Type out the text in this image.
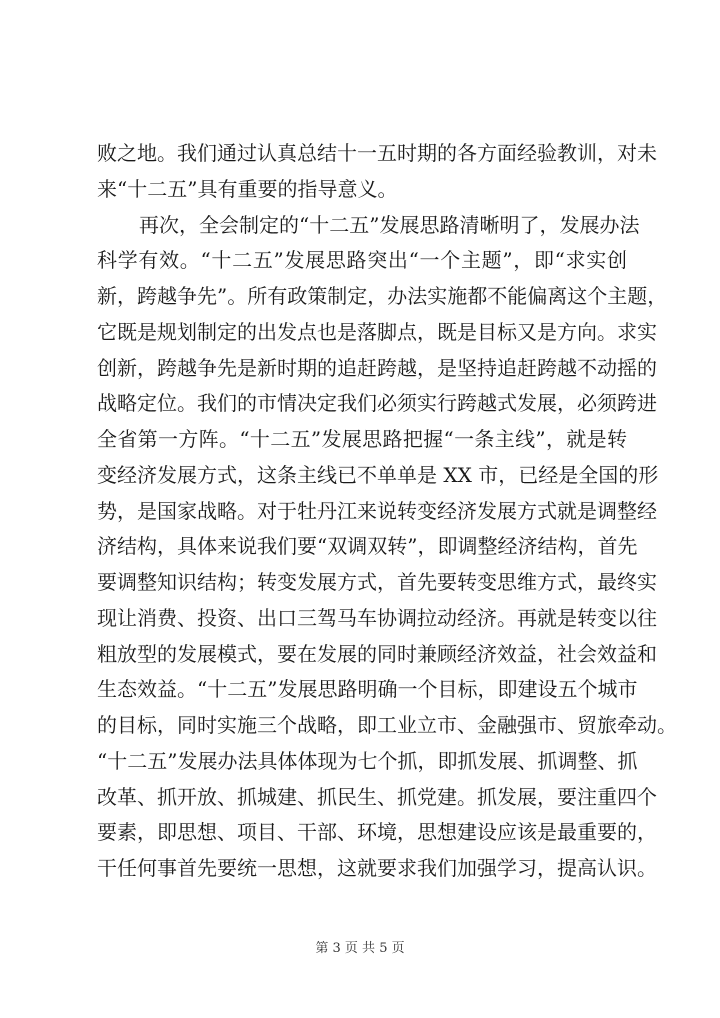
败之地。我们通过认真总结十一五时期的各方面经验教训，对未
来“十二五”具有重要的指导意义。
再次，全会制定的“十二五”发展思路清晰明了，发展办法
科学有效。“十二五”发展思路突出“一个主题”，即“求实创
新，跨越争先”。所有政策制定，办法实施都不能偏离这个主题，
它既是规划制定的出发点也是落脚点，既是目标又是方向。求实
创新，跨越争先是新时期的追赶跨越，是坚持追赶跨越不动摇的
战略定位。我们的市情决定我们必须实行跨越式发展，必须跨进
全省第一方阵。“十二五”发展思路把握“一条主线”，就是转
变经济发展方式，这条主线已不单单是 XX 市，已经是全国的形
势，是国家战略。对于牡丹江来说转变经济发展方式就是调整经
济结构，具体来说我们要“双调双转”，即调整经济结构，首先
要调整知识结构；转变发展方式，首先要转变思维方式，最终实
现让消费、投资、出口三驾马车协调拉动经济。再就是转变以往
粗放型的发展模式，要在发展的同时兼顾经济效益，社会效益和
生态效益。“十二五”发展思路明确一个目标，即建设五个城市
的目标，同时实施三个战略，即工业立市、金融强市、贸旅牵动。
“十二五”发展办法具体体现为七个抓，即抓发展、抓调整、抓
改革、抓开放、抓城建、抓民生、抓党建。抓发展，要注重四个
要素，即思想、项目、干部、环境，思想建设应该是最重要的，
干任何事首先要统一思想，这就要求我们加强学习，提高认识。
第 3 页 共 5 页
